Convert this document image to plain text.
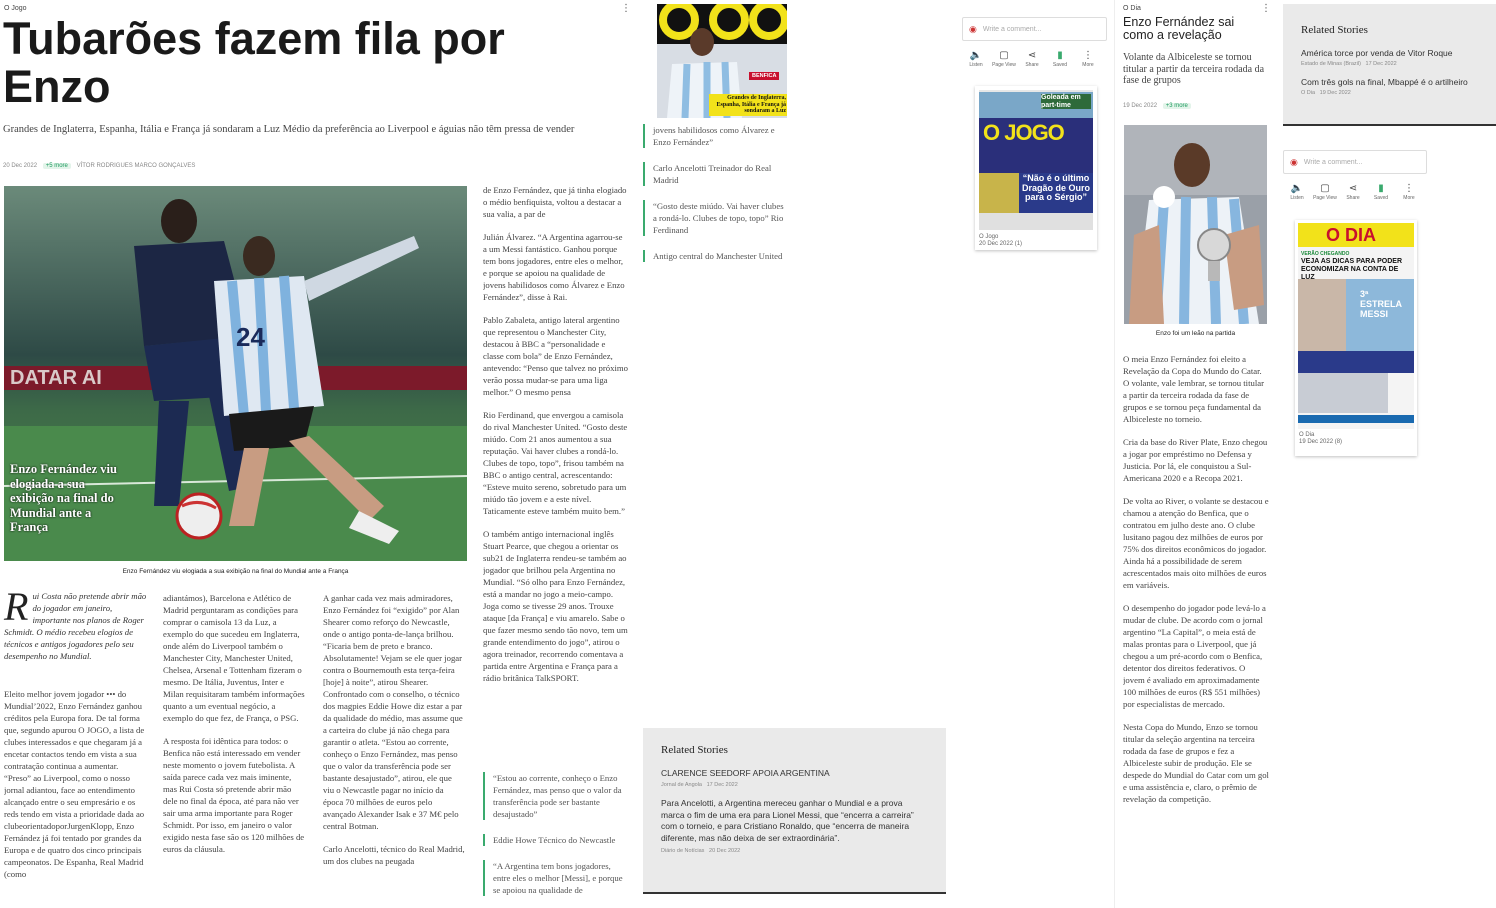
O Jogo	⋮
Tubarões fazem fila por Enzo
Grandes de Inglaterra, Espanha, Itália e França já sondaram a Luz Médio da preferência ao Liverpool e águias não têm pressa de vender
20 Dec 2022 +5 more VÍTOR RODRIGUES MARCO GONÇALVES
DATAR AI
24
Enzo Fernández viu elogiada a sua exibição na final do Mundial ante a França
Enzo Fernández viu elogiada a sua exibição na final do Mundial ante a França
R ui Costa não pretende abrir mão do jogador em janeiro, importante nos planos de Roger Schmidt. O médio recebeu elogios de técnicos e antigos jogadores pelo seu desempenho no Mundial.

Eleito melhor jovem jogador ••• do Mundial’2022, Enzo Fernández ganhou créditos pela Europa fora. De tal forma que, segundo apurou O JOGO, a lista de clubes interessados e que chegaram já a encetar contactos tendo em vista a sua contratação continua a aumentar. “Preso” ao Liverpool, como o nosso jornal adiantou, face ao entendimento alcançado entre o seu empresário e os reds tendo em vista a prioridade dada ao clubeorientadoporJurgenKlopp, Enzo Fernández já foi tentado por grandes da Europa e de quatro dos cinco principais campeonatos. De Espanha, Real Madrid (como

adiantámos), Barcelona e Atlético de Madrid perguntaram as condições para comprar o camisola 13 da Luz, a exemplo do que sucedeu em Inglaterra, onde além do Liverpool também o Manchester City, Manchester United, Chelsea, Arsenal e Tottenham fizeram o mesmo. De Itália, Juventus, Inter e Milan requisitaram também informações quanto a um eventual negócio, a exemplo do que fez, de França, o PSG.

A resposta foi idêntica para todos: o Benfica não está interessado em vender neste momento o jovem futebolista. A saída parece cada vez mais iminente, mas Rui Costa só pretende abrir mão dele no final da época, até para não ver sair uma arma importante para Roger Schmidt. Por isso, em janeiro o valor exigido nesta fase são os 120 milhões de euros da cláusula.

A ganhar cada vez mais admiradores, Enzo Fernández foi “exigido” por Alan Shearer como reforço do Newcastle, onde o antigo ponta-de-lança brilhou. “Ficaria bem de preto e branco. Absolutamente! Vejam se ele quer jogar contra o Bournemouth esta terça-feira [hoje] à noite”, atirou Shearer. Confrontado com o conselho, o técnico dos magpies Eddie Howe diz estar a par da qualidade do médio, mas assume que a carteira do clube já não chega para garantir o atleta. “Estou ao corrente, conheço o Enzo Fernández, mas penso que o valor da transferência pode ser bastante desajustado”, atirou, ele que viu o Newcastle pagar no início da época 70 milhões de euros pelo avançado Alexander Isak e 37 M€ pelo central Botman.

Carlo Ancelotti, técnico do Real Madrid, um dos clubes na peugada

de Enzo Fernández, que já tinha elogiado o médio benfiquista, voltou a destacar a sua valia, a par de

Julián Álvarez. “A Argentina agarrou-se a um Messi fantástico. Ganhou porque tem bons jogadores, entre eles o melhor, e porque se apoiou na qualidade de jovens habilidosos como Álvarez e Enzo Fernández”, disse à Rai.

Pablo Zabaleta, antigo lateral argentino que representou o Manchester City, destacou à BBC a “personalidade e classe com bola” de Enzo Fernández, antevendo: “Penso que talvez no próximo verão possa mudar-se para uma liga melhor.” O mesmo pensa

Rio Ferdinand, que envergou a camisola do rival Manchester United. “Gosto deste miúdo. Com 21 anos aumentou a sua reputação. Vai haver clubes a rondá-lo. Clubes de topo, topo”, frisou também na BBC o antigo central, acrescentando: “Esteve muito sereno, sobretudo para um miúdo tão jovem e a este nível. Taticamente esteve também muito bem.”

O também antigo internacional inglês Stuart Pearce, que chegou a orientar os sub21 de Inglaterra rendeu-se também ao jogador que brilhou pela Argentina no Mundial. “Só olho para Enzo Fernández, está a mandar no jogo a meio-campo. Joga como se tivesse 29 anos. Trouxe ataque [da França] e viu amarelo. Sabe o que fazer mesmo sendo tão novo, tem um grande entendimento do jogo”, atirou o agora treinador, recorrendo comentava a partida entre Argentina e França para a rádio britânica TalkSPORT.

BENFICA
Grandes de Inglaterra, Espanha, Itália e França já sondaram a Luz
jovens habilidosos como Álvarez e Enzo Fernández”
Carlo Ancelotti Treinador do Real Madrid
“Gosto deste miúdo. Vai haver clubes a rondá-lo. Clubes de topo, topo” Rio Ferdinand
Antigo central do Manchester United
“Estou ao corrente, conheço o Enzo Fernández, mas penso que o valor da transferência pode ser bastante desajustado”
Eddie Howe Técnico do Newcastle
“A Argentina tem bons jogadores, entre eles o melhor [Messi], e porque se apoiou na qualidade de
Related Stories
CLARENCE SEEDORF APOIA ARGENTINA
Jornal de Angola 17 Dec 2022
Para Ancelotti, a Argentina mereceu ganhar o Mundial e a prova marca o fim de uma era para Lionel Messi, que “encerra a carreira” com o torneio, e para Cristiano Ronaldo, que “encerra de maneira diferente, mas não deixa de ser extraordinária”.
Diário de Notícias 20 Dec 2022
◉ Write a comment...
🔈
Listen
▢
Page View
⋖
Share
▮
Saved
⋮
More
O JOGO
Goleada em part-time
“Não é o último Dragão de Ouro para o Sérgio”
O Jogo
20 Dec 2022 (1)
O Dia	⋮
Enzo Fernández sai como a revelação
Volante da Albiceleste se tornou titular a partir da terceira rodada da fase de grupos
19 Dec 2022 +3 more
Enzo foi um leão na partida

O meia Enzo Fernández foi eleito a Revelação da Copa do Mundo do Catar. O volante, vale lembrar, se tornou titular a partir da terceira rodada da fase de grupos e se tornou peça fundamental da Albiceleste no torneio.

Cria da base do River Plate, Enzo chegou a jogar por empréstimo no Defensa y Justicia. Por lá, ele conquistou a Sul-Americana 2020 e a Recopa 2021.

De volta ao River, o volante se destacou e chamou a atenção do Benfica, que o contratou em julho deste ano. O clube lusitano pagou dez milhões de euros por 75% dos direitos econômicos do jogador. Ainda há a possibilidade de serem acrescentados mais oito milhões de euros em variáveis.

O desempenho do jogador pode levá-lo a mudar de clube. De acordo com o jornal argentino “La Capital”, o meia está de malas prontas para o Liverpool, que já chegou a um pré-acordo com o Benfica, detentor dos direitos federativos. O jovem é avaliado em aproximadamente 100 milhões de euros (R$ 551 milhões) por especialistas de mercado.

Nesta Copa do Mundo, Enzo se tornou titular da seleção argentina na terceira rodada da fase de grupos e fez a Albiceleste subir de produção. Ele se despede do Mundial do Catar com um gol e uma assistência e, claro, o prêmio de revelação da competição.

Related Stories
América torce por venda de Vitor Roque
Estado de Minas (Brazil) 17 Dec 2022
Com três gols na final, Mbappé é o artilheiro
O Dia 19 Dec 2022
◉ Write a comment...
🔈
Listen
▢
Page View
⋖
Share
▮
Saved
⋮
More
O DIA
VERÃO CHEGANDO
VEJA AS DICAS PARA PODER ECONOMIZAR NA CONTA DE LUZ
3ª ESTRELA MESSI
O Dia
19 Dec 2022 (8)
